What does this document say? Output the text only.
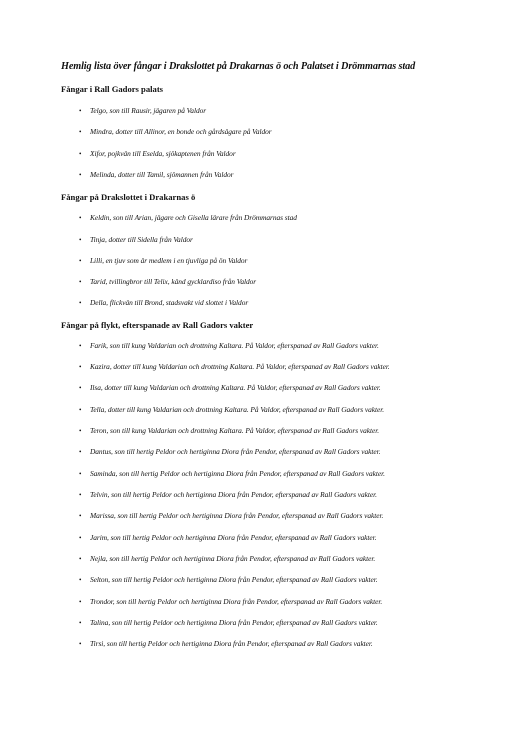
Hemlig lista över fångar i Drakslottet på Drakarnas ö och Palatset i Drömmarnas stad
Fångar i Rall Gadors palats
• Telgo, son till Rausir, jägaren på Valdor
• Mindra, dotter till Allinor, en bonde och gårdsägare på Valdor
• Xifor, pojkvän till Eselda, sjökaptenen från Valdor
• Melinda, dotter till Tamil, sjömannen från Valdor
Fångar på Drakslottet i Drakarnas ö
• Keldin, son till Arian, jägare och Gisella lärare från Drömmarnas stad
• Tinja, dotter till Sidella från Valdor
• Lilli, en tjuv som är medlem i en tjuvliga på ön Valdor
• Tarid, tvillingbror till Telix, känd gycklardiso från Valdor
• Della, flickvän till Brond, stadsvakt vid slottet i Valdor
Fångar på flykt, efterspanade av Rall Gadors vakter
• Farik, son till kung Valdarian och drottning Kaltara. På Valdor, efterspanad av Rall Gadors vakter.
• Kazira, dotter till kung Valdarian och drottning Kaltara. På Valdor, efterspanad av Rall Gadors vakter.
• Ilsa, dotter till kung Valdarian och drottning Kaltara. På Valdor, efterspanad av Rall Gadors vakter.
• Tella, dotter till kung Valdarian och drottning Kaltara. På Valdor, efterspanad av Rall Gadors vakter.
• Teron, son till kung Valdarian och drottning Kaltara. På Valdor, efterspanad av Rall Gadors vakter.
• Dantus, son till hertig Peldor och hertiginna Diora från Pendor, efterspanad av Rall Gadors vakter.
• Saminda, son till hertig Peldor och hertiginna Diora från Pendor, efterspanad av Rall Gadors vakter.
• Telvin, son till hertig Peldor och hertiginna Diora från Pendor, efterspanad av Rall Gadors vakter.
• Marissa, son till hertig Peldor och hertiginna Diora från Pendor, efterspanad av Rall Gadors vakter.
• Jarim, son till hertig Peldor och hertiginna Diora från Pendor, efterspanad av Rall Gadors vakter.
• Nejla, son till hertig Peldor och hertiginna Diora från Pendor, efterspanad av Rall Gadors vakter.
• Selton, son till hertig Peldor och hertiginna Diora från Pendor, efterspanad av Rall Gadors vakter.
• Trondor, son till hertig Peldor och hertiginna Diora från Pendor, efterspanad av Rall Gadors vakter.
• Talina, son till hertig Peldor och hertiginna Diora från Pendor, efterspanad av Rall Gadors vakter.
• Tirsi, son till hertig Peldor och hertiginna Diora från Pendor, efterspanad av Rall Gadors vakter.
